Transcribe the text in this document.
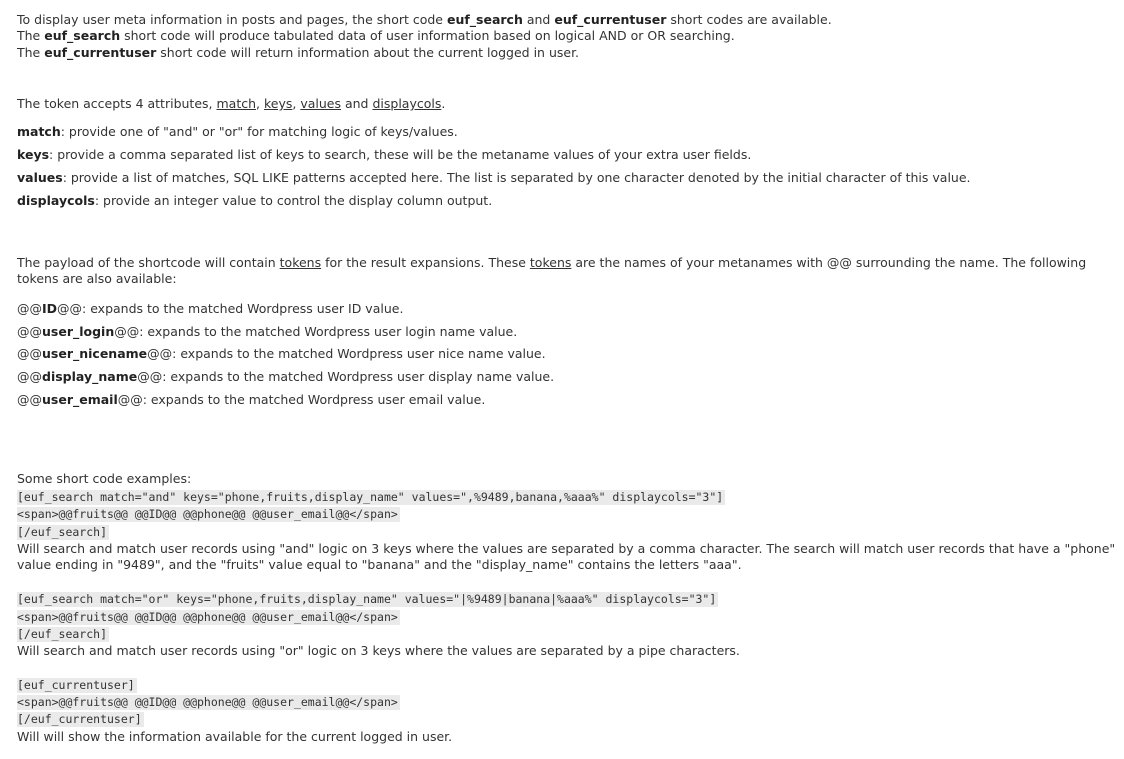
To display user meta information in posts and pages, the short code euf_search and euf_currentuser short codes are available.
The euf_search short code will produce tabulated data of user information based on logical AND or OR searching.
The euf_currentuser short code will return information about the current logged in user.
The token accepts 4 attributes, match, keys, values and displaycols.
match: provide one of "and" or "or" for matching logic of keys/values.
keys: provide a comma separated list of keys to search, these will be the metaname values of your extra user fields.
values: provide a list of matches, SQL LIKE patterns accepted here. The list is separated by one character denoted by the initial character of this value.
displaycols: provide an integer value to control the display column output.
The payload of the shortcode will contain tokens for the result expansions. These tokens are the names of your metanames with @@ surrounding the name. The following tokens are also available:
@@ID@@: expands to the matched Wordpress user ID value.
@@user_login@@: expands to the matched Wordpress user login name value.
@@user_nicename@@: expands to the matched Wordpress user nice name value.
@@display_name@@: expands to the matched Wordpress user display name value.
@@user_email@@: expands to the matched Wordpress user email value.
Some short code examples:
[euf_search match="and" keys="phone,fruits,display_name" values=",%9489,banana,%aaa%" displaycols="3"]
<span>@@fruits@@ @@ID@@ @@phone@@ @@user_email@@</span>
[/euf_search]
Will search and match user records using "and" logic on 3 keys where the values are separated by a comma character. The search will match user records that have a "phone" value ending in "9489", and the "fruits" value equal to "banana" and the "display_name" contains the letters "aaa".
[euf_search match="or" keys="phone,fruits,display_name" values="|%9489|banana|%aaa%" displaycols="3"]
<span>@@fruits@@ @@ID@@ @@phone@@ @@user_email@@</span>
[/euf_search]
Will search and match user records using "or" logic on 3 keys where the values are separated by a pipe characters.
[euf_currentuser]
<span>@@fruits@@ @@ID@@ @@phone@@ @@user_email@@</span>
[/euf_currentuser]
Will will show the information available for the current logged in user.
